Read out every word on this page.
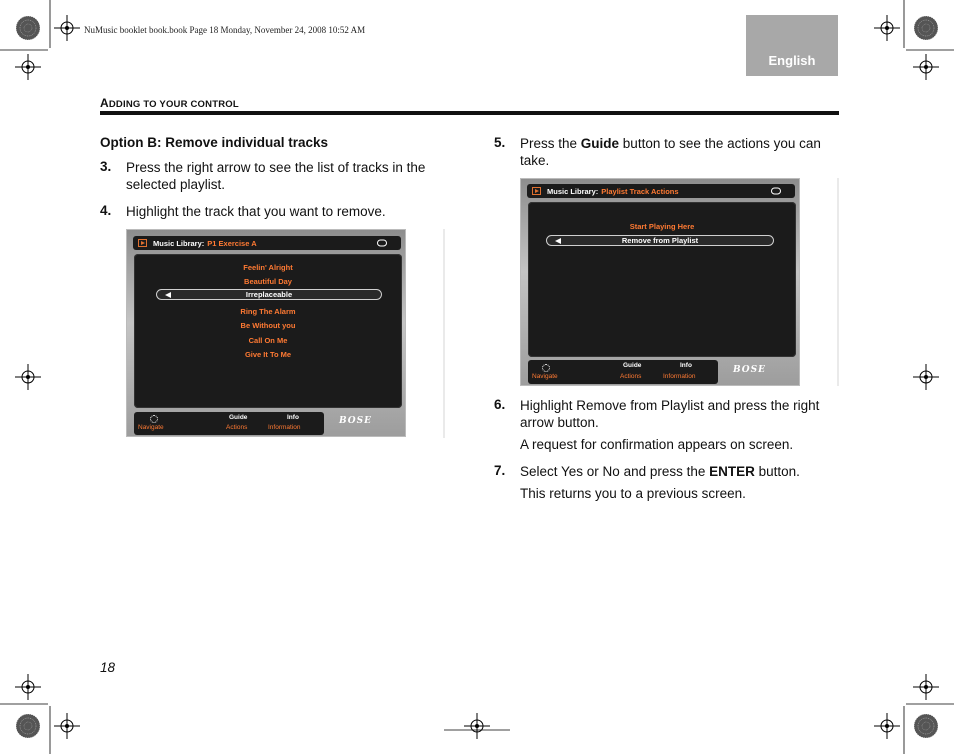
NuMusic booklet book.book Page 18 Monday, November 24, 2008 10:52 AM
English
ADDING TO YOUR CONTROL
Option B: Remove individual tracks
3. Press the right arrow to see the list of tracks in the selected playlist.
4. Highlight the track that you want to remove.
Music Library: P1 Exercise A
Feelin' Alright
Beautiful Day
Irreplaceable
Ring The Alarm
Be Without you
Call On Me
Give It To Me
Navigate
Guide
Actions
Info
Information
BOSE
5. Press the Guide button to see the actions you can take.
Music Library: Playlist Track Actions
Start Playing Here
Remove from Playlist
Navigate
Guide
Actions
Info
Information
BOSE
6. Highlight Remove from Playlist and press the right arrow button.
A request for confirmation appears on screen.
7. Select Yes or No and press the ENTER button.
This returns you to a previous screen.
18
